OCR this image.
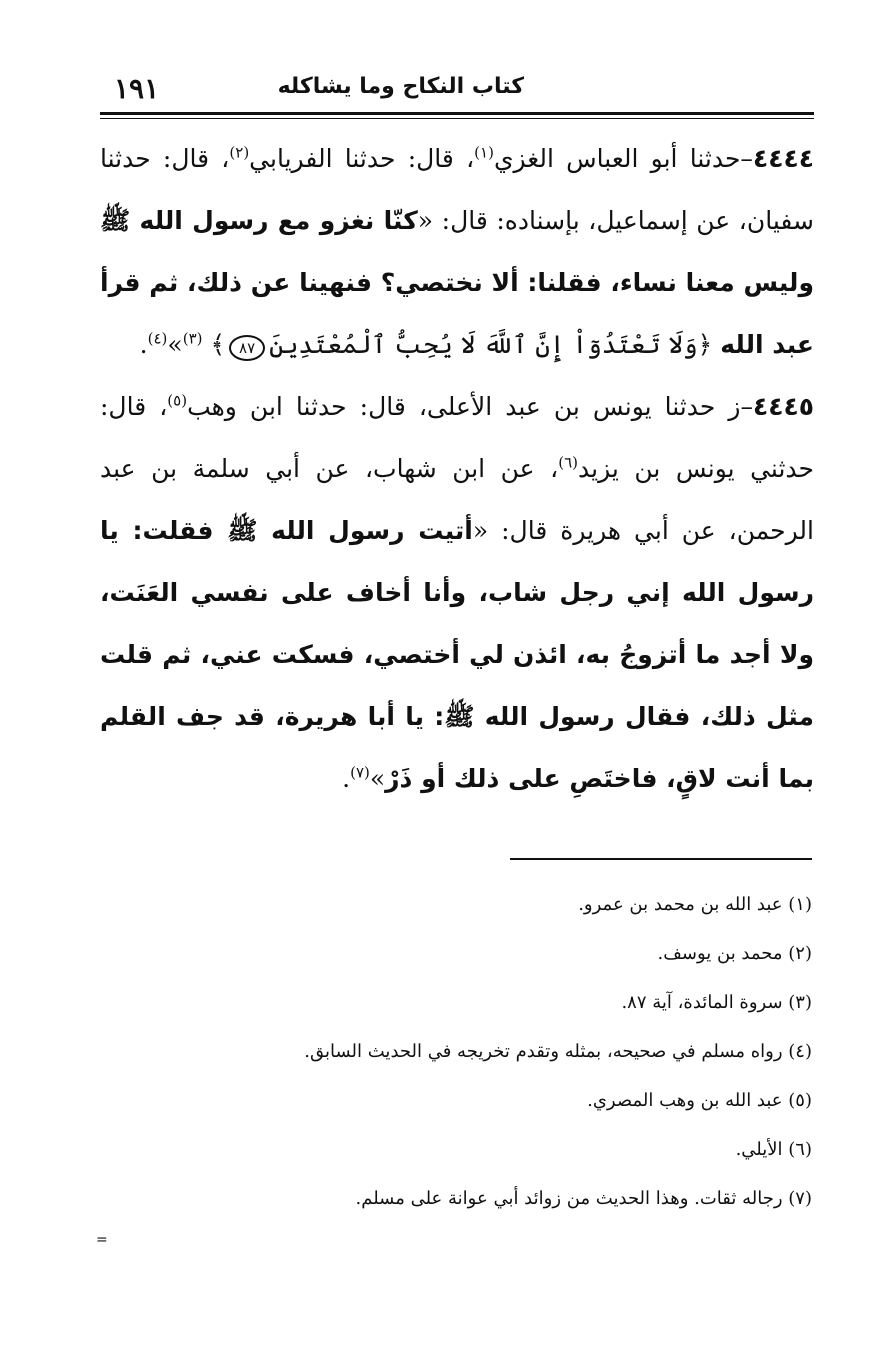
١٩١	كتاب النكاح وما يشاكله

٤٤٤٤–حدثنا أبو العباس الغزي$^{(١)}$، قال: حدثنا الفريابي$^{(٢)}$، قال: حدثنا سفيان، عن إسماعيل، بإسناده: قال: «كنّا نغزو مع رسول الله ﷺ وليس معنا نساء، فقلنا: ألا نختصي؟ فنهينا عن ذلك، ثم قرأ عبد الله ﴿وَلَا تَعْتَدُوٓاْ إِنَّ ٱللَّهَ لَا يُحِبُّ ٱلْمُعْتَدِينَ٨٧﴾ $^{(٣)}$»$^{(٤)}$.

٤٤٤٥–ز حدثنا يونس بن عبد الأعلى، قال: حدثنا ابن وهب$^{(٥)}$، قال: حدثني يونس بن يزيد$^{(٦)}$، عن ابن شهاب، عن أبي سلمة بن عبد الرحمن، عن أبي هريرة قال: «أتيت رسول الله ﷺ فقلت: يا رسول الله إني رجل شاب، وأنا أخاف على نفسي العَنَت، ولا أجد ما أتزوجُ به، ائذن لي أختصي، فسكت عني، ثم قلت مثل ذلك، فقال رسول الله ﷺ: يا أبا هريرة، قد جف القلم بما أنت لاقٍ، فاختَصِ على ذلك أو ذَرْ»$^{(٧)}$.

(١) عبد الله بن محمد بن عمرو.
(٢) محمد بن يوسف.
(٣) سروة المائدة، آية ٨٧.
(٤) رواه مسلم في صحيحه، بمثله وتقدم تخريجه في الحديث السابق.
(٥) عبد الله بن وهب المصري.
(٦) الأيلي.
(٧) رجاله ثقات. وهذا الحديث من زوائد أبي عوانة على مسلم.
=
